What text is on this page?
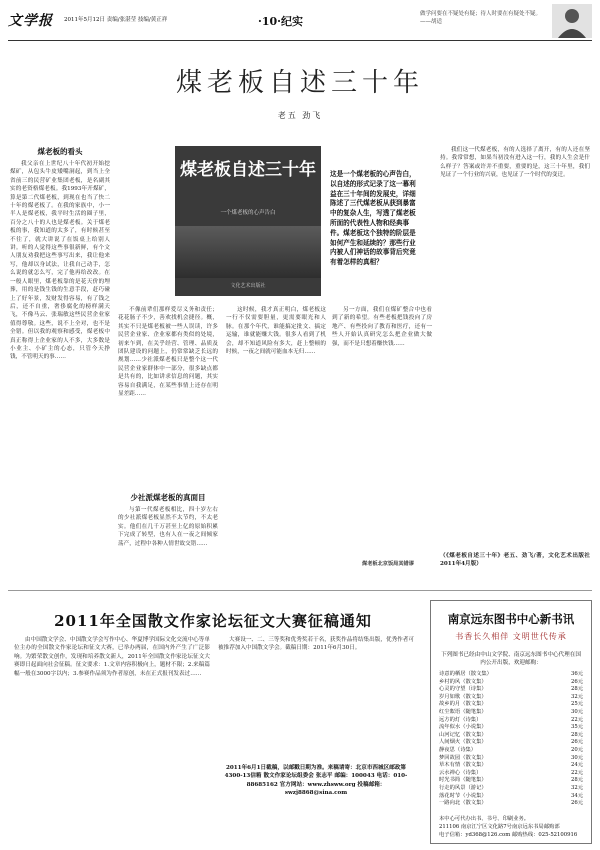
文学报 2011年5月12日 责编/张湛莹 技编/黄正祥	·10·纪实
做学问要在不疑处有疑；待人时要在有疑处不疑。 ——胡适
煤老板自述三十年
老五 劲飞
煤老板的看头

我父亲在上世纪八十年代初开始挖煤矿，从包头牛皮矮嘴洞起，到当上全省前三的民营矿业集团老板，是名副其实的老资格煤老板。我1993年开煤矿，算是第二代煤老板，到现在也当了快二十年的煤老板了。在我的家族中，小一半人是煤老板，我平时生活的圈子里，百分之八十的人也是煤老板。关于煤老板的事，我知道的太多了，有时候甚至不往了，就大讲说了在饭桌上给别人讲。听的人觉得这些事很新鲜，有个文人朋友劝我把这些事写出来，我让他来写，他却以身试法，让我自己动手，怎么说的就怎么写，完了他再给改改。在一般人眼里，煤老板靠的是花天价的埋葬，用的是钱生钱的生意手段，赶巧碰上了好年景，发财发得容易，有了钱之后，还不自重，奢侈腐化的榜样满天飞，不像马云、张瑞敏这些民营企业家值得尊敬。这些，说不上全对，也不是全错。但以我的观察和感受，煤老板中真正称得上企业家的人不多，大多数是小业主、小矿主的心态，只管今天挣钱，不管明天的事……

煤老板自述三十年
一个煤老板的心声告白
文化艺术出版社
这是一个煤老板的心声告白，以自述的形式记录了这一幕利益在三十年间的发展史，详细陈述了三代煤老板从获到暴富中的复杂人生，写透了煤老板所面的代表性人物和经典事件。煤老板这个独特的阶层是如何产生和延续的？那些行业内被人们神话的故事背后究竟有着怎样的真相？

不像前辈们那样爱尽义务和责任；花花肠子不少，善欢找机会捷径。概，其实不只是煤老板被一些人误读，许多民营企业家、企业家都有类似的处境，初来乍到，在关乎经营、管理、品质及团队建设的问题上，仍常常缺乏长远的规划……少社派煤老板只是整个这一代民营企业家群体中一部分，很多缺点都是共有的，比如讲求信息的问题，其实容易自我满足，在某些事情上还存在明显差距……

少社派煤老板的真面目

与第一代煤老板相比，四十岁左右的少社派煤老板显然不太节约，不太老实。他们在几千万甚至上亿的原始积累下完成了转型，也有人在一夜之间倾家荡产，过程中各种人情世故交错……

这时候，我才真正明白，煤老板这一行不仅需要胆量，更需要眼光和人脉。在那个年代，谁能搞定批文、搞定运输，谁就能赚大钱。很多人看到了机会，却不知道风险有多大，赶上整顿的时候，一夜之间就可能血本无归……

另一方面，我们在煤矿整合中也看到了新的希望。有些老板把钱投向了房地产、有些投向了教育和医疗，还有一些人开始认真研究怎么把企业做大做强，而不是只想着赚快钱……

煤老板北京饭局其错谬

我们这一代煤老板，有的人选择了离开，有的人还在坚持。我常常想，如果当初没有进入这一行，我的人生会是什么样子？答案或许并不重要，重要的是，这三十年里，我们见证了一个行业的兴衰，也见证了一个时代的变迁。

（《煤老板自述三十年》老五、劲飞/著，文化艺术出版社2011年4月版）
2011年全国散文作家论坛征文大赛征稿通知

由中国散文学会、中国散文学会写作中心、华夏博学国际文化交流中心等单位主办的全国散文作家论坛和征文大赛，已举办两届，在国内外产生了广泛影响。为繁荣散文创作，发现和培养散文新人，2011年全国散文作家论坛征文大赛即日起面向社会征稿。征文要求：1.文章内容积极向上，题材不限；2.来稿篇幅一般在3000字以内；3.参赛作品须为作者原创，未在正式报刊发表过……

大赛设一、二、三等奖和优秀奖若干名，获奖作品将结集出版，优秀作者可被推荐加入中国散文学会。截稿日期：2011年6月30日。

2011年6月1日截稿，以邮戳日期为准。来稿请寄：北京市西城区邮政第4300-13信箱 散文作家论坛组委会 张志平 邮编：100043 电话：010-88685162 官方网站：www.zhsww.org 投稿邮箱：swzj8868@sina.com
南京远东图书中心新书讯
书香长久相伴 文明世代传承
下列图书已经由中山文学院、南京远东图书中心代理在国内公开出版，欢迎邮购：
诗意的栖居（散文集）	36元
乡村的风（散文集）	26元
心灵的守望（诗集）	28元
岁月如歌（散文集）	32元
故乡的月（散文集）	25元
红尘絮语（随笔集）	30元
远方的灯（诗集）	22元
流年似水（小说集）	35元
山河记忆（散文集）	28元
人间烟火（散文集）	26元
静夜思（诗集）	20元
梦回故园（散文集）	30元
草木有情（散文集）	24元
云水禅心（诗集）	22元
时光书简（随笔集）	28元
行走的风景（游记）	32元
落花时节（小说集）	34元
一路向北（散文集）	26元
本中心可代办出书、书号、印刷业务。
211106 南京江宁区文化路7号南京远东书局邮购部
电子信箱：yd368@126.com 邮购热线：025-52100916
